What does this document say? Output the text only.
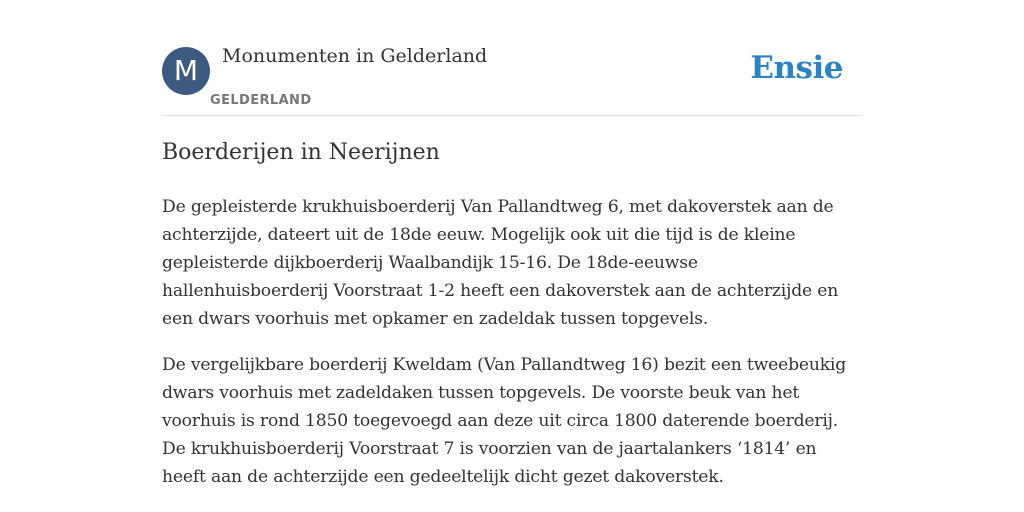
M	Monumenten in Gelderland
GELDERLAND
Ensie
Boerderijen in Neerijnen

De gepleisterde krukhuisboerderij Van Pallandtweg 6, met dakoverstek aan de achterzijde, dateert uit de 18de eeuw. Mogelijk ook uit die tijd is de kleine gepleisterde dijkboerderij Waalbandijk 15-16. De 18de-eeuwse hallenhuisboerderij Voorstraat 1-2 heeft een dakoverstek aan de achterzijde en een dwars voorhuis met opkamer en zadeldak tussen topgevels.

De vergelijkbare boerderij Kweldam (Van Pallandtweg 16) bezit een tweebeukig dwars voorhuis met zadeldaken tussen topgevels. De voorste beuk van het voorhuis is rond 1850 toegevoegd aan deze uit circa 1800 daterende boerderij. De krukhuisboerderij Voorstraat 7 is voorzien van de jaartalankers ‘1814’ en heeft aan de achterzijde een gedeeltelijk dicht gezet dakoverstek.
